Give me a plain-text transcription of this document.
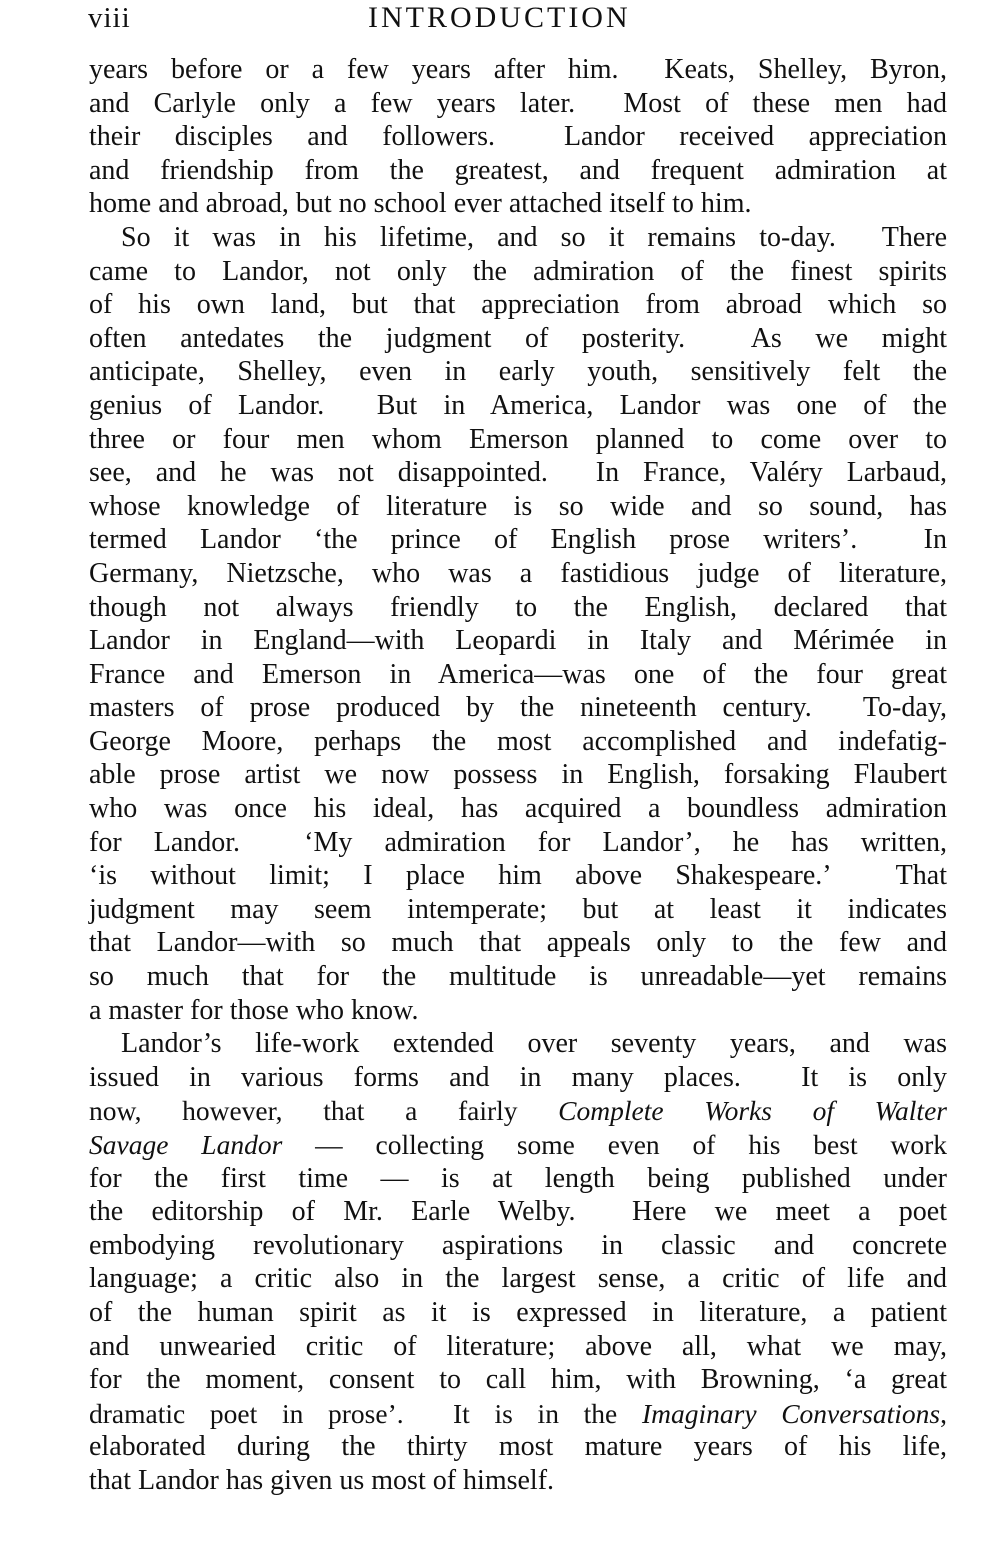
viii	INTRODUCTION
years before or a few years after him.  Keats, Shelley, Byron,
and Carlyle only a few years later.  Most of these men had
their disciples and followers.  Landor received appreciation
and friendship from the greatest, and frequent admiration at
home and abroad, but no school ever attached itself to him.
So it was in his lifetime, and so it remains to-day.  There
came to Landor, not only the admiration of the finest spirits
of his own land, but that appreciation from abroad which so
often antedates the judgment of posterity.  As we might
anticipate, Shelley, even in early youth, sensitively felt the
genius of Landor.  But in America, Landor was one of the
three or four men whom Emerson planned to come over to
see, and he was not disappointed.  In France, Valéry Larbaud,
whose knowledge of literature is so wide and so sound, has
termed Landor ‘the prince of English prose writers’.  In
Germany, Nietzsche, who was a fastidious judge of literature,
though not always friendly to the English, declared that
Landor in England—with Leopardi in Italy and Mérimée in
France and Emerson in America—was one of the four great
masters of prose produced by the nineteenth century.  To-day,
George Moore, perhaps the most accomplished and indefatig-
able prose artist we now possess in English, forsaking Flaubert
who was once his ideal, has acquired a boundless admiration
for Landor.  ‘My admiration for Landor’, he has written,
‘is without limit; I place him above Shakespeare.’  That
judgment may seem intemperate; but at least it indicates
that Landor—with so much that appeals only to the few and
so much that for the multitude is unreadable—yet remains
a master for those who know.
Landor’s life-work extended over seventy years, and was
issued in various forms and in many places.  It is only
now, however, that a fairly Complete Works of Walter
Savage Landor — collecting some even of his best work
for the first time — is at length being published under
the editorship of Mr. Earle Welby.  Here we meet a poet
embodying revolutionary aspirations in classic and concrete
language; a critic also in the largest sense, a critic of life and
of the human spirit as it is expressed in literature, a patient
and unwearied critic of literature; above all, what we may,
for the moment, consent to call him, with Browning, ‘a great
dramatic poet in prose’.  It is in the Imaginary Conversations,
elaborated during the thirty most mature years of his life,
that Landor has given us most of himself.
